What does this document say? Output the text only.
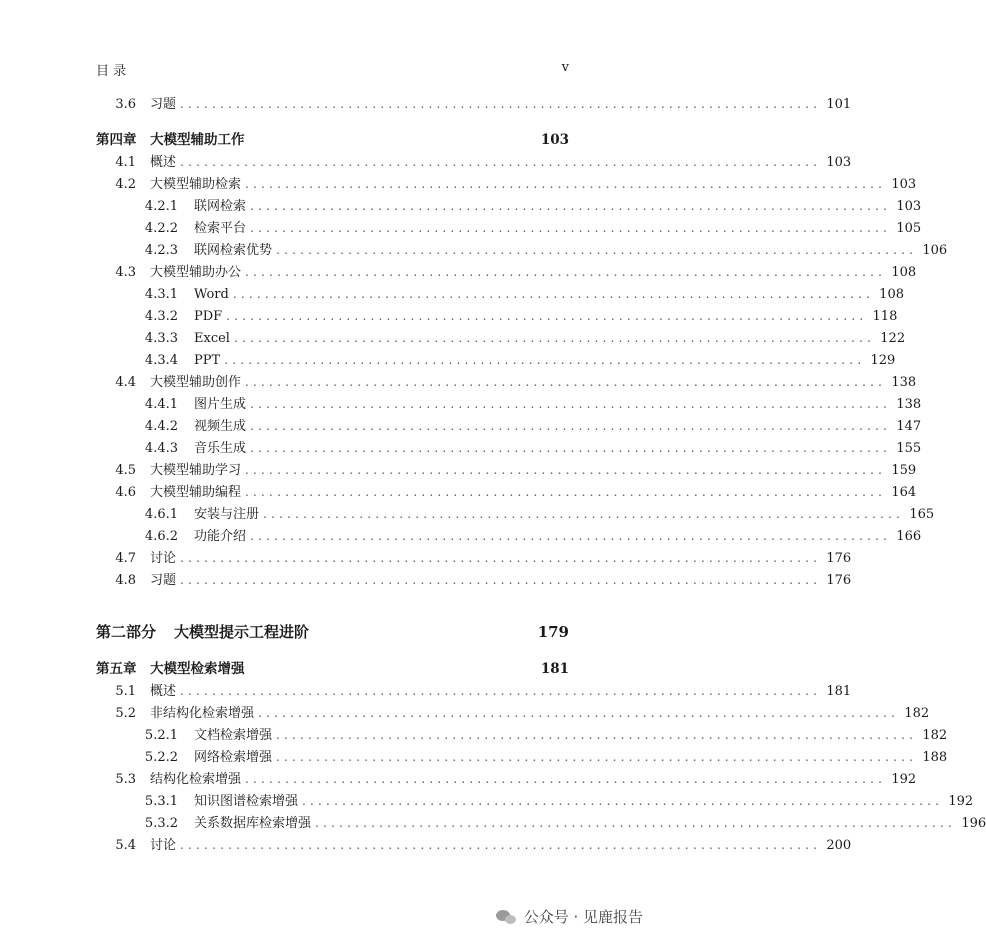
目 录	v
3.6 习题 ................................................................................ 101
第四章	大模型辅助工作	103
4.1 概述 ................................................................................ 103
4.2 大模型辅助检索 ................................................................................ 103
4.2.1 联网检索 ................................................................................ 103
4.2.2 检索平台 ................................................................................ 105
4.2.3 联网检索优势 ................................................................................ 106
4.3 大模型辅助办公 ................................................................................ 108
4.3.1 Word ................................................................................ 108
4.3.2 PDF ................................................................................ 118
4.3.3 Excel ................................................................................ 122
4.3.4 PPT ................................................................................ 129
4.4 大模型辅助创作 ................................................................................ 138
4.4.1 图片生成 ................................................................................ 138
4.4.2 视频生成 ................................................................................ 147
4.4.3 音乐生成 ................................................................................ 155
4.5 大模型辅助学习 ................................................................................ 159
4.6 大模型辅助编程 ................................................................................ 164
4.6.1 安装与注册 ................................................................................ 165
4.6.2 功能介绍 ................................................................................ 166
4.7 讨论 ................................................................................ 176
4.8 习题 ................................................................................ 176
第二部分	大模型提示工程进阶	179
第五章	大模型检索增强	181
5.1 概述 ................................................................................ 181
5.2 非结构化检索增强 ................................................................................ 182
5.2.1 文档检索增强 ................................................................................ 182
5.2.2 网络检索增强 ................................................................................ 188
5.3 结构化检索增强 ................................................................................ 192
5.3.1 知识图谱检索增强 ................................................................................ 192
5.3.2 关系数据库检索增强 ................................................................................ 196
5.4 讨论 ................................................................................ 200
公众号 · 见鹿报告
